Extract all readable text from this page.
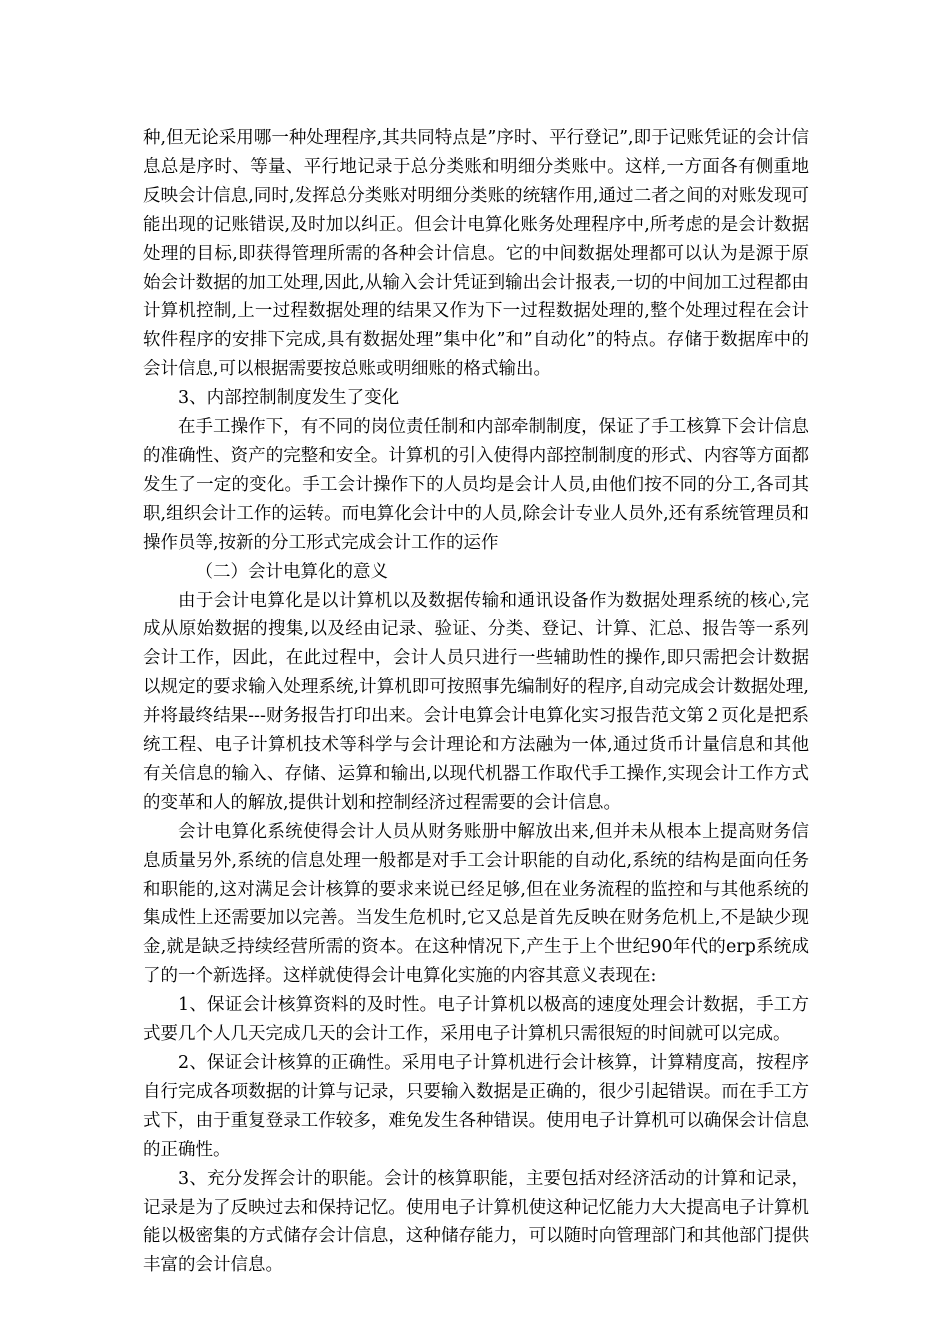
种,但无论采用哪一种处理程序,其共同特点是”序时、平行登记”,即于记账凭证的会计信息总是序时、等量、平行地记录于总分类账和明细分类账中。这样,一方面各有侧重地反映会计信息,同时,发挥总分类账对明细分类账的统辖作用,通过二者之间的对账发现可能出现的记账错误,及时加以纠正。但会计电算化账务处理程序中,所考虑的是会计数据处理的目标,即获得管理所需的各种会计信息。它的中间数据处理都可以认为是源于原始会计数据的加工处理,因此,从输入会计凭证到输出会计报表,一切的中间加工过程都由计算机控制,上一过程数据处理的结果又作为下一过程数据处理的,整个处理过程在会计软件程序的安排下完成,具有数据处理”集中化”和”自动化”的特点。存储于数据库中的会计信息,可以根据需要按总账或明细账的格式输出。

3、内部控制制度发生了变化

在手工操作下，有不同的岗位责任制和内部牵制制度，保证了手工核算下会计信息的准确性、资产的完整和安全。计算机的引入使得内部控制制度的形式、内容等方面都发生了一定的变化。手工会计操作下的人员均是会计人员,由他们按不同的分工,各司其职,组织会计工作的运转。而电算化会计中的人员,除会计专业人员外,还有系统管理员和操作员等,按新的分工形式完成会计工作的运作

（二）会计电算化的意义

由于会计电算化是以计算机以及数据传输和通讯设备作为数据处理系统的核心,完成从原始数据的搜集,以及经由记录、验证、分类、登记、计算、汇总、报告等一系列会计工作，因此，在此过程中，会计人员只进行一些辅助性的操作,即只需把会计数据以规定的要求输入处理系统,计算机即可按照事先编制好的程序,自动完成会计数据处理,并将最终结果---财务报告打印出来。会计电算会计电算化实习报告范文第２页化是把系统工程、电子计算机技术等科学与会计理论和方法融为一体,通过货币计量信息和其他有关信息的输入、存储、运算和输出,以现代机器工作取代手工操作,实现会计工作方式的变革和人的解放,提供计划和控制经济过程需要的会计信息。

会计电算化系统使得会计人员从财务账册中解放出来,但并未从根本上提高财务信息质量另外,系统的信息处理一般都是对手工会计职能的自动化,系统的结构是面向任务和职能的,这对满足会计核算的要求来说已经足够,但在业务流程的监控和与其他系统的集成性上还需要加以完善。当发生危机时,它又总是首先反映在财务危机上,不是缺少现金,就是缺乏持续经营所需的资本。在这种情况下,产生于上个世纪90年代的erp系统成了的一个新选择。这样就使得会计电算化实施的内容其意义表现在:

1、保证会计核算资料的及时性。电子计算机以极高的速度处理会计数据，手工方式要几个人几天完成几天的会计工作，采用电子计算机只需很短的时间就可以完成。

2、保证会计核算的正确性。采用电子计算机进行会计核算，计算精度高，按程序自行完成各项数据的计算与记录，只要输入数据是正确的，很少引起错误。而在手工方式下，由于重复登录工作较多，难免发生各种错误。使用电子计算机可以确保会计信息的正确性。

3、充分发挥会计的职能。会计的核算职能，主要包括对经济活动的计算和记录，记录是为了反映过去和保持记忆。使用电子计算机使这种记忆能力大大提高电子计算机能以极密集的方式储存会计信息，这种储存能力，可以随时向管理部门和其他部门提供丰富的会计信息。
